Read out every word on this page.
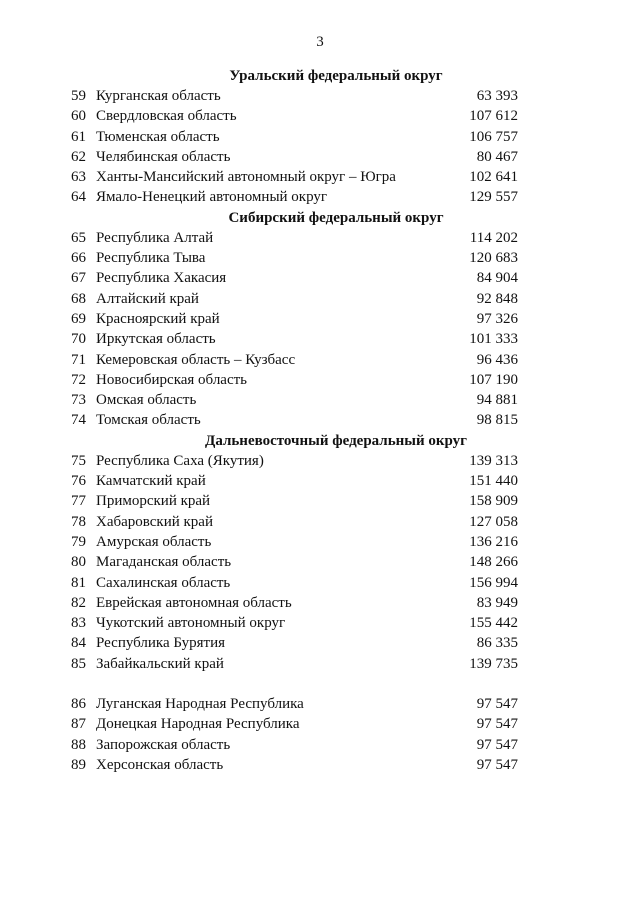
3
Уральский федеральный округ
59 Курганская область	63 393
60 Свердловская область	107 612
61 Тюменская область	106 757
62 Челябинская область	80 467
63 Ханты-Мансийский автономный округ – Югра	102 641
64 Ямало-Ненецкий автономный округ	129 557
Сибирский федеральный округ
65 Республика Алтай	114 202
66 Республика Тыва	120 683
67 Республика Хакасия	84 904
68 Алтайский край	92 848
69 Красноярский край	97 326
70 Иркутская область	101 333
71 Кемеровская область – Кузбасс	96 436
72 Новосибирская область	107 190
73 Омская область	94 881
74 Томская область	98 815
Дальневосточный федеральный округ
75 Республика Саха (Якутия)	139 313
76 Камчатский край	151 440
77 Приморский край	158 909
78 Хабаровский край	127 058
79 Амурская область	136 216
80 Магаданская область	148 266
81 Сахалинская область	156 994
82 Еврейская автономная область	83 949
83 Чукотский автономный округ	155 442
84 Республика Бурятия	86 335
85 Забайкальский край	139 735
86 Луганская Народная Республика	97 547
87 Донецкая Народная Республика	97 547
88 Запорожская область	97 547
89 Херсонская область	97 547
